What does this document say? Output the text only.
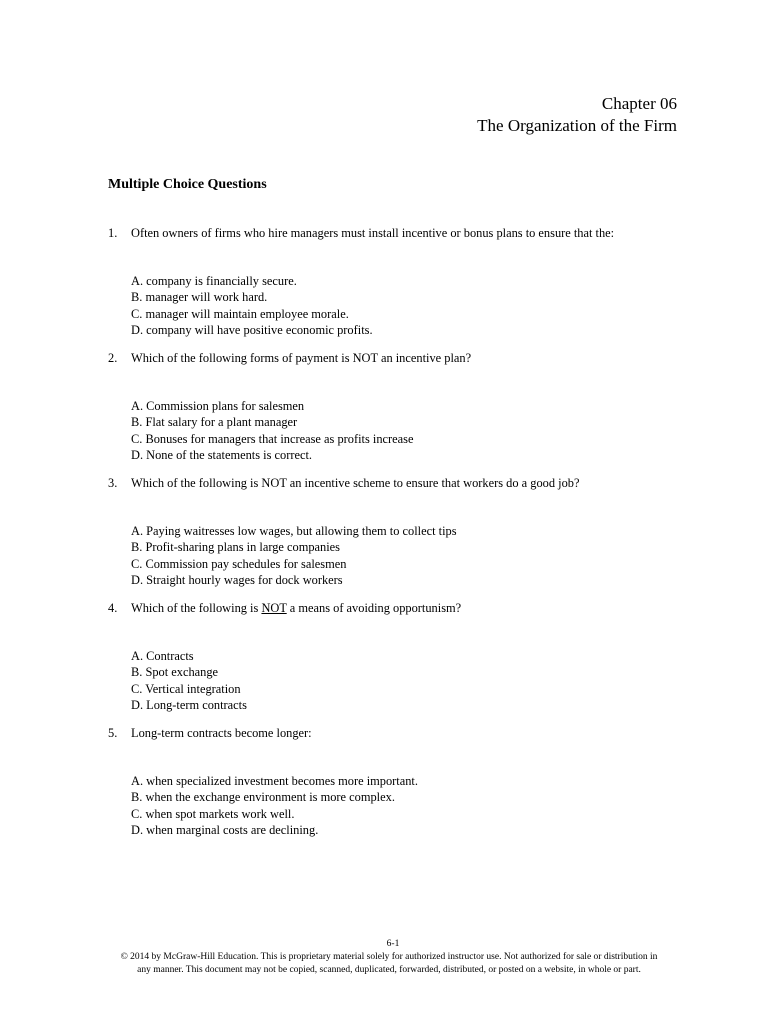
Chapter 06
The Organization of the Firm
Multiple Choice Questions
1.	Often owners of firms who hire managers must install incentive or bonus plans to ensure that the:
A. company is financially secure.
B. manager will work hard.
C. manager will maintain employee morale.
D. company will have positive economic profits.
2.	Which of the following forms of payment is NOT an incentive plan?
A. Commission plans for salesmen
B. Flat salary for a plant manager
C. Bonuses for managers that increase as profits increase
D. None of the statements is correct.
3.	Which of the following is NOT an incentive scheme to ensure that workers do a good job?
A. Paying waitresses low wages, but allowing them to collect tips
B. Profit-sharing plans in large companies
C. Commission pay schedules for salesmen
D. Straight hourly wages for dock workers
4.	Which of the following is NOT a means of avoiding opportunism?
A. Contracts
B. Spot exchange
C. Vertical integration
D. Long-term contracts
5.	Long-term contracts become longer:
A. when specialized investment becomes more important.
B. when the exchange environment is more complex.
C. when spot markets work well.
D. when marginal costs are declining.
6-1
© 2014 by McGraw-Hill Education. This is proprietary material solely for authorized instructor use. Not authorized for sale or distribution in
any manner. This document may not be copied, scanned, duplicated, forwarded, distributed, or posted on a website, in whole or part.
